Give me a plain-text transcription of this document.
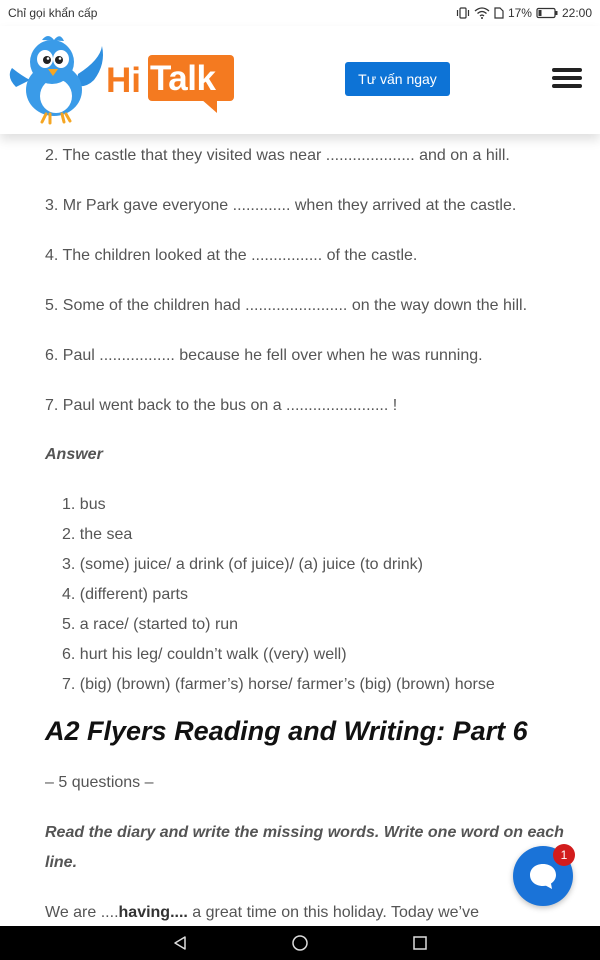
Chỉ gọi khẩn cấp	17%	22:00
Hi Talk	Tư vấn ngay

2. The castle that they visited was near .................... and on a hill.

3. Mr Park gave everyone ............. when they arrived at the castle.

4. The children looked at the ................ of the castle.

5. Some of the children had ....................... on the way down the hill.

6. Paul ................. because he fell over when he was running.

7. Paul went back to the bus on a ....................... !

Answer
1. bus
2. the sea
3. (some) juice/ a drink (of juice)/ (a) juice (to drink)
4. (different) parts
5. a race/ (started to) run
6. hurt his leg/ couldn’t walk ((very) well)
7. (big) (brown) (farmer’s) horse/ farmer’s (big) (brown) horse
A2 Flyers Reading and Writing: Part 6
– 5 questions –
Read the diary and write the missing words. Write one word on each line.
We are ....having.... a great time on this holiday. Today we’ve
1
